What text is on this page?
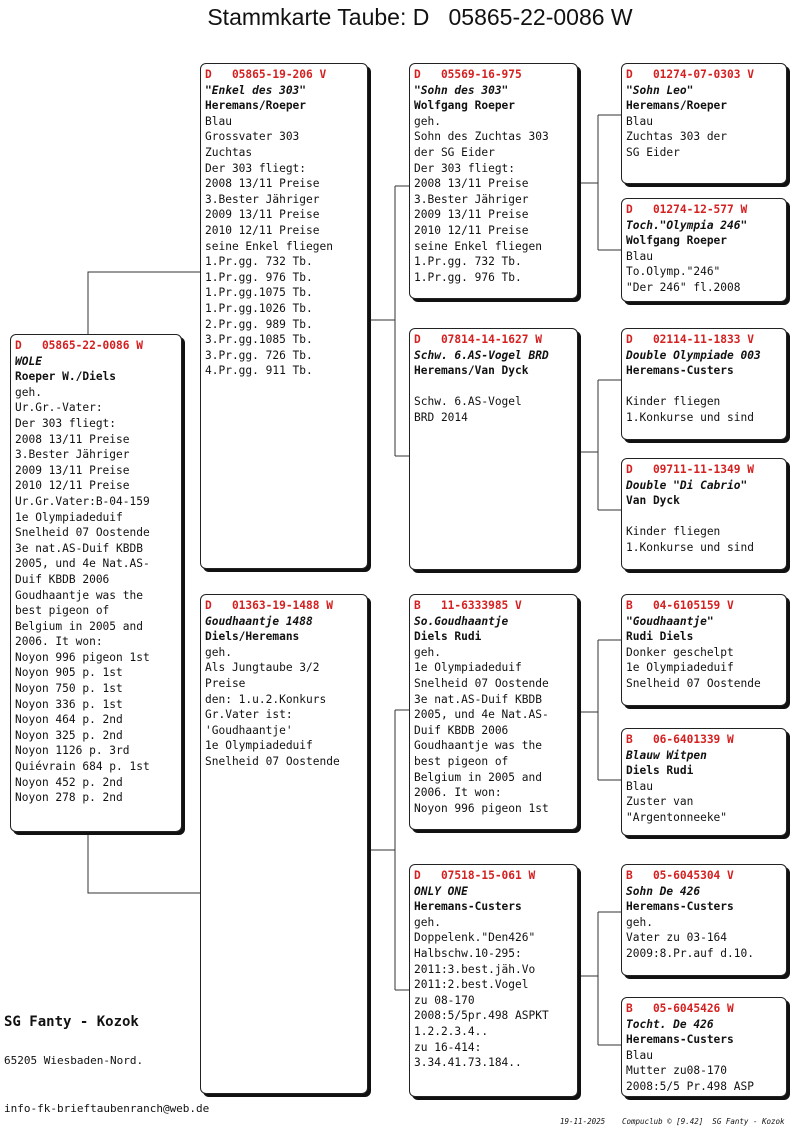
Stammkarte Taube: D   05865-22-0086 W
D   05865-22-0086 W
WOLE
Roeper W./Diels
geh.
Ur.Gr.-Vater:
Der 303 fliegt:
2008 13/11 Preise
3.Bester Jähriger
2009 13/11 Preise
2010 12/11 Preise
Ur.Gr.Vater:B-04-159
1e Olympiadeduif
Snelheid 07 Oostende
3e nat.AS-Duif KBDB
2005, und 4e Nat.AS-
Duif KBDB 2006
Goudhaantje was the
best pigeon of
Belgium in 2005 and
2006. It won:
Noyon 996 pigeon 1st
Noyon 905 p. 1st
Noyon 750 p. 1st
Noyon 336 p. 1st
Noyon 464 p. 2nd
Noyon 325 p. 2nd
Noyon 1126 p. 3rd
Quiévrain 684 p. 1st
Noyon 452 p. 2nd
Noyon 278 p. 2nd
D   05865-19-206 V
"Enkel des 303"
Heremans/Roeper
Blau
Grossvater 303
Zuchtas
Der 303 fliegt:
2008 13/11 Preise
3.Bester Jähriger
2009 13/11 Preise
2010 12/11 Preise
seine Enkel fliegen
1.Pr.gg. 732 Tb.
1.Pr.gg. 976 Tb.
1.Pr.gg.1075 Tb.
1.Pr.gg.1026 Tb.
2.Pr.gg. 989 Tb.
3.Pr.gg.1085 Tb.
3.Pr.gg. 726 Tb.
4.Pr.gg. 911 Tb.
D   01363-19-1488 W
Goudhaantje 1488
Diels/Heremans
geh.
Als Jungtaube 3/2
Preise
den: 1.u.2.Konkurs
Gr.Vater ist:
'Goudhaantje'
1e Olympiadeduif
Snelheid 07 Oostende
D   05569-16-975
"Sohn des 303"
Wolfgang Roeper
geh.
Sohn des Zuchtas 303
der SG Eider
Der 303 fliegt:
2008 13/11 Preise
3.Bester Jähriger
2009 13/11 Preise
2010 12/11 Preise
seine Enkel fliegen
1.Pr.gg. 732 Tb.
1.Pr.gg. 976 Tb.
D   07814-14-1627 W
Schw. 6.AS-Vogel BRD
Heremans/Van Dyck
Schw. 6.AS-Vogel
BRD 2014
B   11-6333985 V
So.Goudhaantje
Diels Rudi
geh.
1e Olympiadeduif
Snelheid 07 Oostende
3e nat.AS-Duif KBDB
2005, und 4e Nat.AS-
Duif KBDB 2006
Goudhaantje was the
best pigeon of
Belgium in 2005 and
2006. It won:
Noyon 996 pigeon 1st
D   07518-15-061 W
ONLY ONE
Heremans-Custers
geh.
Doppelenk."Den426"
Halbschw.10-295:
2011:3.best.jäh.Vo
2011:2.best.Vogel
zu 08-170
2008:5/5pr.498 ASPKT
1.2.2.3.4..
zu 16-414:
3.34.41.73.184..
D   01274-07-0303 V
"Sohn Leo"
Heremans/Roeper
Blau
Zuchtas 303 der
SG Eider
D   01274-12-577 W
Toch."Olympia 246"
Wolfgang Roeper
Blau
To.Olymp."246"
"Der 246" fl.2008
D   02114-11-1833 V
Double Olympiade 003
Heremans-Custers
Kinder fliegen
1.Konkurse und sind
D   09711-11-1349 W
Double "Di Cabrio"
Van Dyck
Kinder fliegen
1.Konkurse und sind
B   04-6105159 V
"Goudhaantje"
Rudi Diels
Donker geschelpt
1e Olympiadeduif
Snelheid 07 Oostende
B   06-6401339 W
Blauw Witpen
Diels Rudi
Blau
Zuster van
"Argentonneeke"
B   05-6045304 V
Sohn De 426
Heremans-Custers
geh.
Vater zu 03-164
2009:8.Pr.auf d.10.
B   05-6045426 W
Tocht. De 426
Heremans-Custers
Blau
Mutter zu08-170
2008:5/5 Pr.498 ASP
SG Fanty - Kozok
65205 Wiesbaden-Nord.
info-fk-brieftaubenranch@web.de
19-11-2025 Compuclub © [9.42]  SG Fanty - Kozok
